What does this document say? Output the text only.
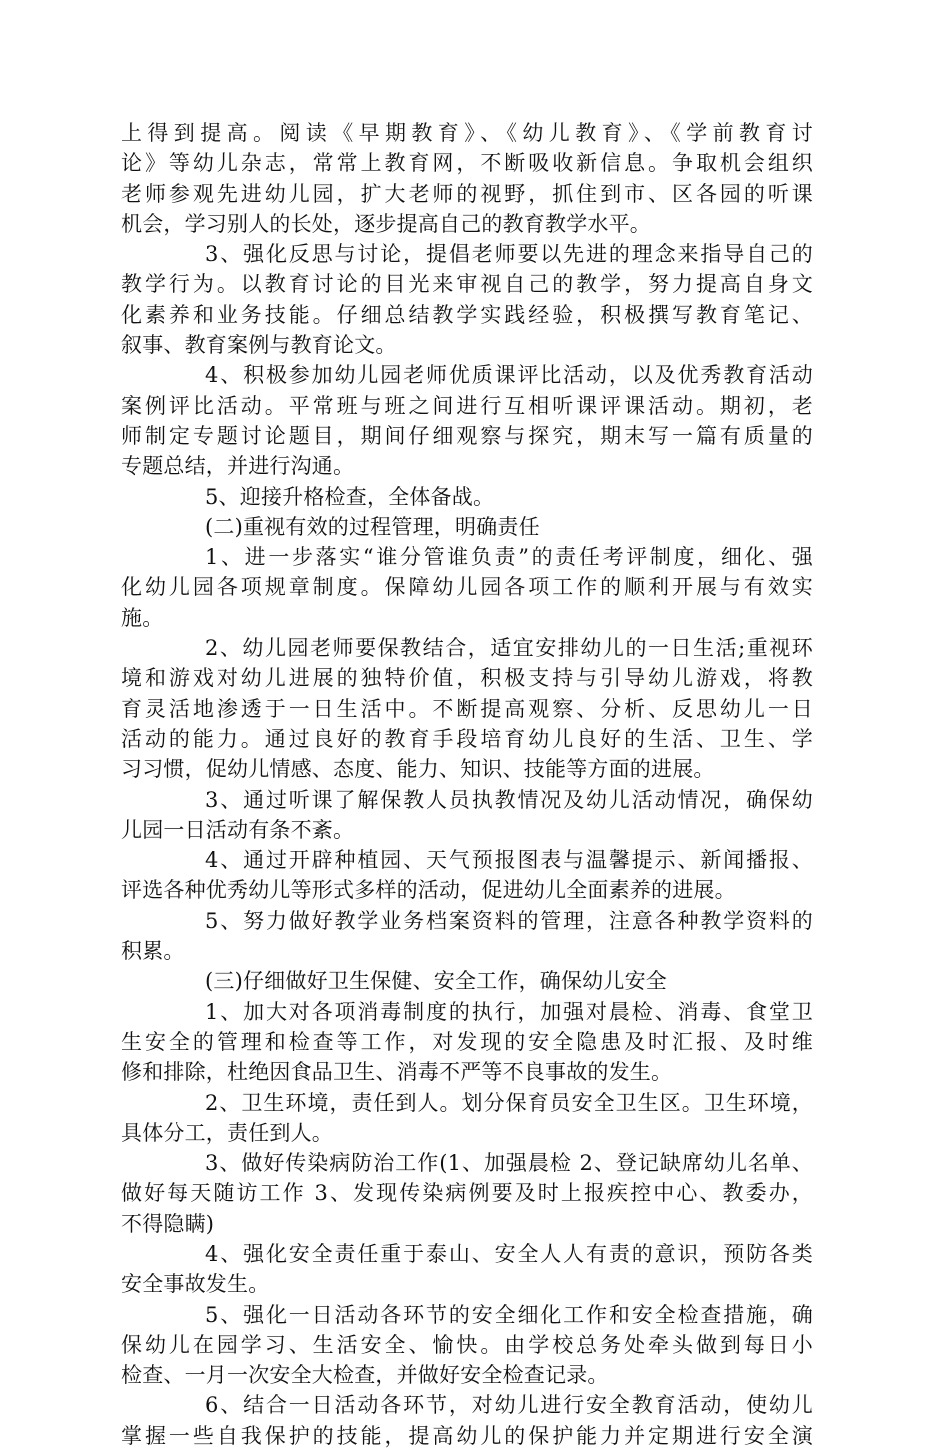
上得到提高。阅读《早期教育》、《幼儿教育》、《学前教育讨
论》等幼儿杂志，常常上教育网，不断吸收新信息。争取机会组织
老师参观先进幼儿园，扩大老师的视野，抓住到市、区各园的听课
机会，学习别人的长处，逐步提高自己的教育教学水平。
3、强化反思与讨论，提倡老师要以先进的理念来指导自己的
教学行为。以教育讨论的目光来审视自己的教学，努力提高自身文
化素养和业务技能。仔细总结教学实践经验，积极撰写教育笔记、
叙事、教育案例与教育论文。
4、积极参加幼儿园老师优质课评比活动，以及优秀教育活动
案例评比活动。平常班与班之间进行互相听课评课活动。期初，老
师制定专题讨论题目，期间仔细观察与探究，期末写一篇有质量的
专题总结，并进行沟通。
5、迎接升格检查，全体备战。
(二)重视有效的过程管理，明确责任
1、进一步落实“谁分管谁负责”的责任考评制度，细化、强
化幼儿园各项规章制度。保障幼儿园各项工作的顺利开展与有效实
施。
2、幼儿园老师要保教结合，适宜安排幼儿的一日生活;重视环
境和游戏对幼儿进展的独特价值，积极支持与引导幼儿游戏，将教
育灵活地渗透于一日生活中。不断提高观察、分析、反思幼儿一日
活动的能力。通过良好的教育手段培育幼儿良好的生活、卫生、学
习习惯，促幼儿情感、态度、能力、知识、技能等方面的进展。
3、通过听课了解保教人员执教情况及幼儿活动情况，确保幼
儿园一日活动有条不紊。
4、通过开辟种植园、天气预报图表与温馨提示、新闻播报、
评选各种优秀幼儿等形式多样的活动，促进幼儿全面素养的进展。
5、努力做好教学业务档案资料的管理，注意各种教学资料的
积累。
(三)仔细做好卫生保健、安全工作，确保幼儿安全
1、加大对各项消毒制度的执行，加强对晨检、消毒、食堂卫
生安全的管理和检查等工作，对发现的安全隐患及时汇报、及时维
修和排除，杜绝因食品卫生、消毒不严等不良事故的发生。
2、卫生环境，责任到人。划分保育员安全卫生区。卫生环境，
具体分工，责任到人。
3、做好传染病防治工作(1、加强晨检 2、登记缺席幼儿名单、
做好每天随访工作 3、发现传染病例要及时上报疾控中心、教委办，
不得隐瞒)
4、强化安全责任重于泰山、安全人人有责的意识，预防各类
安全事故发生。
5、强化一日活动各环节的安全细化工作和安全检查措施，确
保幼儿在园学习、生活安全、愉快。由学校总务处牵头做到每日小
检查、一月一次安全大检查，并做好安全检查记录。
6、结合一日活动各环节，对幼儿进行安全教育活动，使幼儿
掌握一些自我保护的技能，提高幼儿的保护能力并定期进行安全演
